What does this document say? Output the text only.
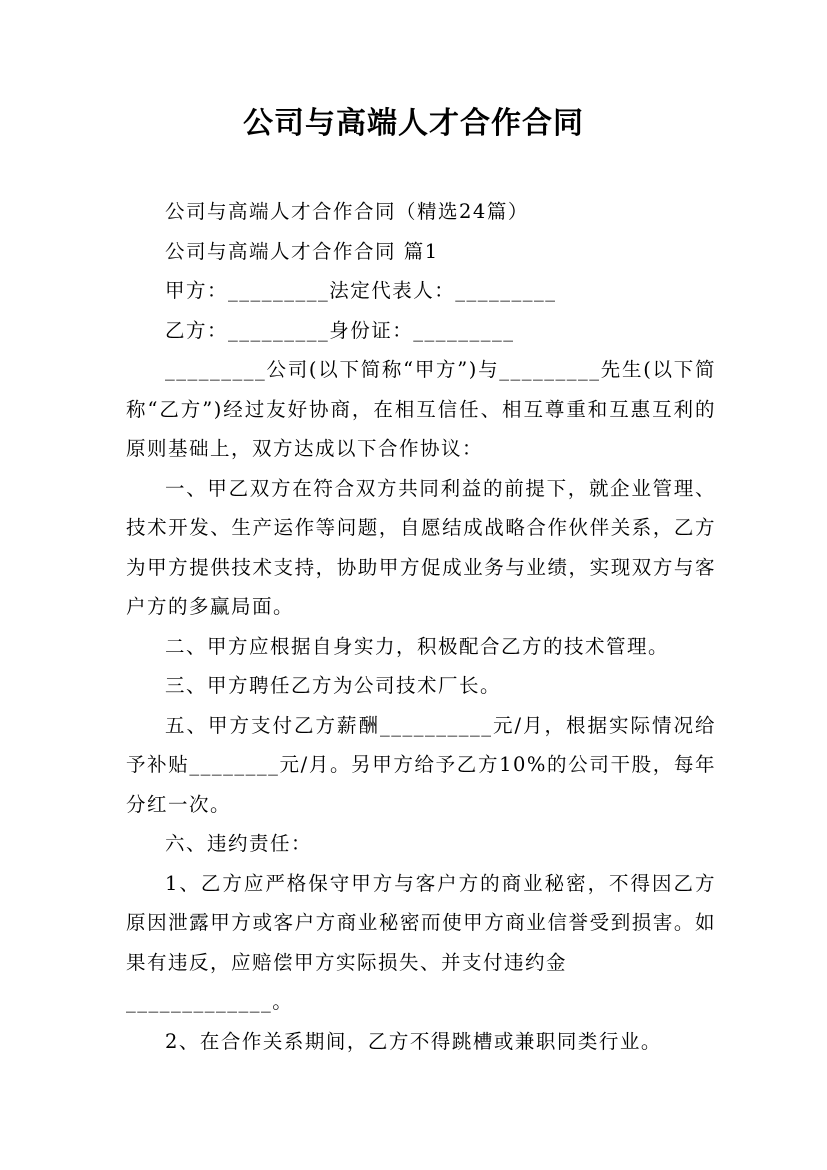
公司与高端人才合作合同

公司与高端人才合作合同（精选24篇）

公司与高端人才合作合同 篇1

甲方：_________法定代表人：_________

乙方：_________身份证：_________

_________公司(以下简称“甲方”)与_________先生(以下简称“乙方”)经过友好协商，在相互信任、相互尊重和互惠互利的原则基础上，双方达成以下合作协议：

一、甲乙双方在符合双方共同利益的前提下，就企业管理、技术开发、生产运作等问题，自愿结成战略合作伙伴关系，乙方为甲方提供技术支持，协助甲方促成业务与业绩，实现双方与客户方的多赢局面。

二、甲方应根据自身实力，积极配合乙方的技术管理。

三、甲方聘任乙方为公司技术厂长。

五、甲方支付乙方薪酬__________元/月，根据实际情况给予补贴________元/月。另甲方给予乙方10%的公司干股，每年分红一次。

六、违约责任：

1、乙方应严格保守甲方与客户方的商业秘密，不得因乙方原因泄露甲方或客户方商业秘密而使甲方商业信誉受到损害。如果有违反，应赔偿甲方实际损失、并支付违约金

_____________。

2、在合作关系期间，乙方不得跳槽或兼职同类行业。
